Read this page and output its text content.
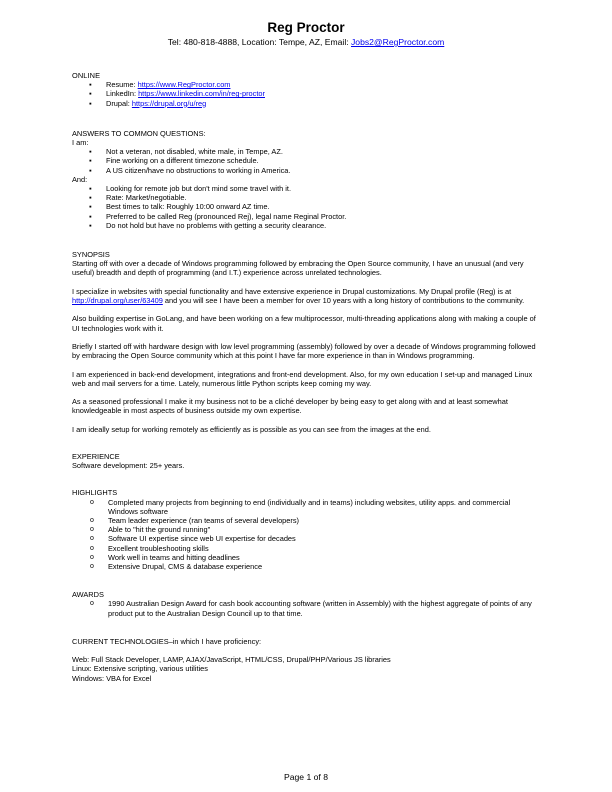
Reg Proctor
Tel: 480-818-4888, Location: Tempe, AZ, Email: Jobs2@RegProctor.com
ONLINE
▪ Resume: https://www.RegProctor.com
▪ LinkedIn: https://www.linkedin.com/in/reg-proctor
▪ Drupal: https://drupal.org/u/reg
ANSWERS TO COMMON QUESTIONS:
I am:
▪ Not a veteran, not disabled, white male, in Tempe, AZ.
▪ Fine working on a different timezone schedule.
▪ A US citizen/have no obstructions to working in America.
And:
▪ Looking for remote job but don't mind some travel with it.
▪ Rate: Market/negotiable.
▪ Best times to talk: Roughly 10:00 onward AZ time.
▪ Preferred to be called Reg (pronounced Rej), legal name Reginal Proctor.
▪ Do not hold but have no problems with getting a security clearance.
SYNOPSIS

Starting off with over a decade of Windows programming followed by embracing the Open Source community, I have an unusual (and very useful) breadth and depth of programming (and I.T.) experience across unrelated technologies.

I specialize in websites with special functionality and have extensive experience in Drupal customizations. My Drupal profile (Reg) is at http://drupal.org/user/63409 and you will see I have been a member for over 10 years with a long history of contributions to the community.

Also building expertise in GoLang, and have been working on a few multiprocessor, multi-threading applications along with making a couple of UI technologies work with it.

Briefly I started off with hardware design with low level programming (assembly) followed by over a decade of Windows programming followed by embracing the Open Source community which at this point I have far more experience in than in Windows programming.

I am experienced in back-end development, integrations and front-end development. Also, for my own education I set-up and managed Linux web and mail servers for a time. Lately, numerous little Python scripts keep coming my way.

As a seasoned professional I make it my business not to be a cliché developer by being easy to get along with and at least somewhat knowledgeable in most aspects of business outside my own expertise.

I am ideally setup for working remotely as efficiently as is possible as you can see from the images at the end.

EXPERIENCE
Software development: 25+ years.
HIGHLIGHTS
o Completed many projects from beginning to end (individually and in teams) including websites, utility apps. and commercial Windows software
o Team leader experience (ran teams of several developers)
o Able to "hit the ground running"
o Software UI expertise since web UI expertise for decades
o Excellent troubleshooting skills
o Work well in teams and hitting deadlines
o Extensive Drupal, CMS & database experience
AWARDS
o 1990 Australian Design Award for cash book accounting software (written in Assembly) with the highest aggregate of points of any product put to the Australian Design Council up to that time.
CURRENT TECHNOLOGIES–in which I have proficiency:
Web: Full Stack Developer, LAMP, AJAX/JavaScript, HTML/CSS, Drupal/PHP/Various JS libraries
Linux: Extensive scripting, various utilities
Windows: VBA for Excel
Page 1 of 8
